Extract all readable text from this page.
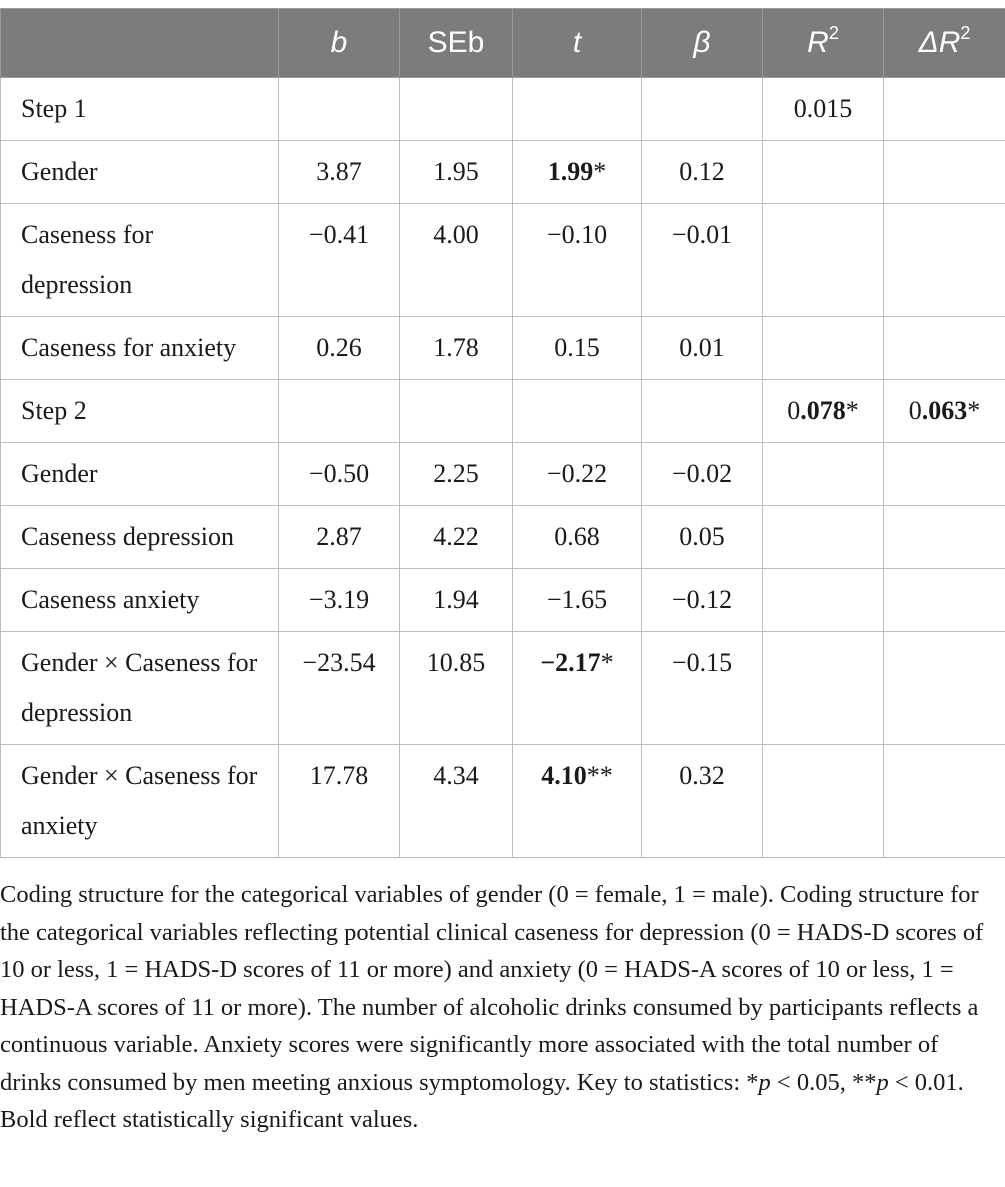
	b	SEb	t	β	$R^2$	$\Delta R^2$
Step 1					0.015	
Gender	3.87	1.95	1.99*	0.12		
Caseness for depression	−0.41	4.00	−0.10	−0.01		
Caseness for anxiety	0.26	1.78	0.15	0.01		
Step 2					0.078*	0.063*
Gender	−0.50	2.25	−0.22	−0.02		
Caseness depression	2.87	4.22	0.68	0.05		
Caseness anxiety	−3.19	1.94	−1.65	−0.12		
Gender × Caseness for depression	−23.54	10.85	−2.17*	−0.15		
Gender × Caseness for anxiety	17.78	4.34	4.10**	0.32		

Coding structure for the categorical variables of gender (0 = female, 1 = male). Coding structure for the categorical variables reflecting potential clinical caseness for depression (0 = HADS-D scores of 10 or less, 1 = HADS-D scores of 11 or more) and anxiety (0 = HADS-A scores of 10 or less, 1 = HADS-A scores of 11 or more). The number of alcoholic drinks consumed by participants reflects a continuous variable. Anxiety scores were significantly more associated with the total number of drinks consumed by men meeting anxious symptomology. Key to statistics: *p < 0.05, **p < 0.01.

Bold reflect statistically significant values.
